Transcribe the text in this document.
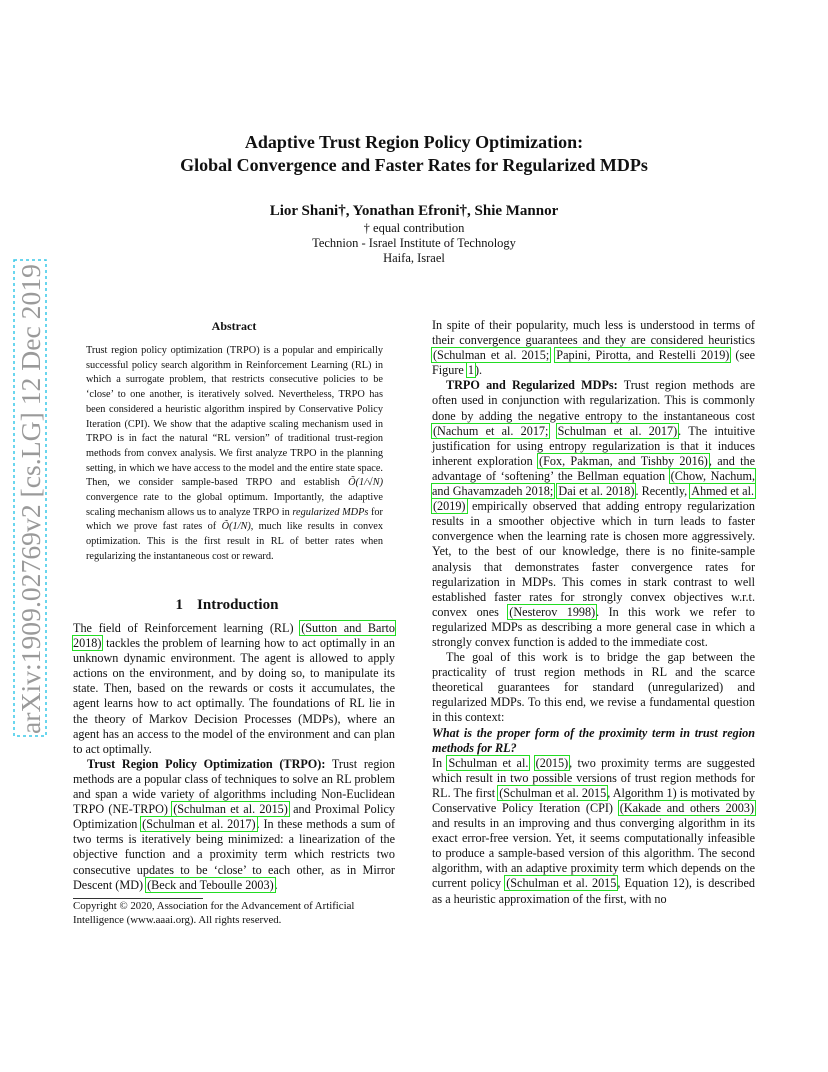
Adaptive Trust Region Policy Optimization:
Global Convergence and Faster Rates for Regularized MDPs
Lior Shani†, Yonathan Efroni†, Shie Mannor
† equal contribution
Technion - Israel Institute of Technology
Haifa, Israel
arXiv:1909.02769v2 [cs.LG] 12 Dec 2019	Abstract
Trust region policy optimization (TRPO) is a popular and empirically successful policy search algorithm in Reinforcement Learning (RL) in which a surrogate problem, that restricts consecutive policies to be ‘close’ to one another, is iteratively solved. Nevertheless, TRPO has been considered a heuristic algorithm inspired by Conservative Policy Iteration (CPI). We show that the adaptive scaling mechanism used in TRPO is in fact the natural “RL version” of traditional trust-region methods from convex analysis. We first analyze TRPO in the planning setting, in which we have access to the model and the entire state space. Then, we consider sample-based TRPO and establish Õ(1/√N) convergence rate to the global optimum. Importantly, the adaptive scaling mechanism allows us to analyze TRPO in regularized MDPs for which we prove fast rates of Õ(1/N), much like results in convex optimization. This is the first result in RL of better rates when regularizing the instantaneous cost or reward.
1 Introduction

The field of Reinforcement learning (RL) (Sutton and Barto 2018) tackles the problem of learning how to act optimally in an unknown dynamic environment. The agent is allowed to apply actions on the environment, and by doing so, to manipulate its state. Then, based on the rewards or costs it accumulates, the agent learns how to act optimally. The foundations of RL lie in the theory of Markov Decision Processes (MDPs), where an agent has an access to the model of the environment and can plan to act optimally.

Trust Region Policy Optimization (TRPO): Trust region methods are a popular class of techniques to solve an RL problem and span a wide variety of algorithms including Non-Euclidean TRPO (NE-TRPO) (Schulman et al. 2015) and Proximal Policy Optimization (Schulman et al. 2017). In these methods a sum of two terms is iteratively being minimized: a linearization of the objective function and a proximity term which restricts two consecutive updates to be ‘close’ to each other, as in Mirror Descent (MD) (Beck and Teboulle 2003).

Copyright © 2020, Association for the Advancement of Artificial
Intelligence (www.aaai.org). All rights reserved.

In spite of their popularity, much less is understood in terms of their convergence guarantees and they are considered heuristics (Schulman et al. 2015; Papini, Pirotta, and Restelli 2019) (see Figure 1).

TRPO and Regularized MDPs: Trust region methods are often used in conjunction with regularization. This is commonly done by adding the negative entropy to the instantaneous cost (Nachum et al. 2017; Schulman et al. 2017). The intuitive justification for using entropy regularization is that it induces inherent exploration (Fox, Pakman, and Tishby 2016), and the advantage of ‘softening’ the Bellman equation (Chow, Nachum, and Ghavamzadeh 2018; Dai et al. 2018). Recently, Ahmed et al. (2019) empirically observed that adding entropy regularization results in a smoother objective which in turn leads to faster convergence when the learning rate is chosen more aggressively. Yet, to the best of our knowledge, there is no finite-sample analysis that demonstrates faster convergence rates for regularization in MDPs. This comes in stark contrast to well established faster rates for strongly convex objectives w.r.t. convex ones (Nesterov 1998). In this work we refer to regularized MDPs as describing a more general case in which a strongly convex function is added to the immediate cost.

The goal of this work is to bridge the gap between the practicality of trust region methods in RL and the scarce theoretical guarantees for standard (unregularized) and regularized MDPs. To this end, we revise a fundamental question in this context:

What is the proper form of the proximity term in trust region methods for RL?

In Schulman et al. (2015), two proximity terms are suggested which result in two possible versions of trust region methods for RL. The first (Schulman et al. 2015, Algorithm 1) is motivated by Conservative Policy Iteration (CPI) (Kakade and others 2003) and results in an improving and thus converging algorithm in its exact error-free version. Yet, it seems computationally infeasible to produce a sample-based version of this algorithm. The second algorithm, with an adaptive proximity term which depends on the current policy (Schulman et al. 2015, Equation 12), is described as a heuristic approximation of the first, with no
